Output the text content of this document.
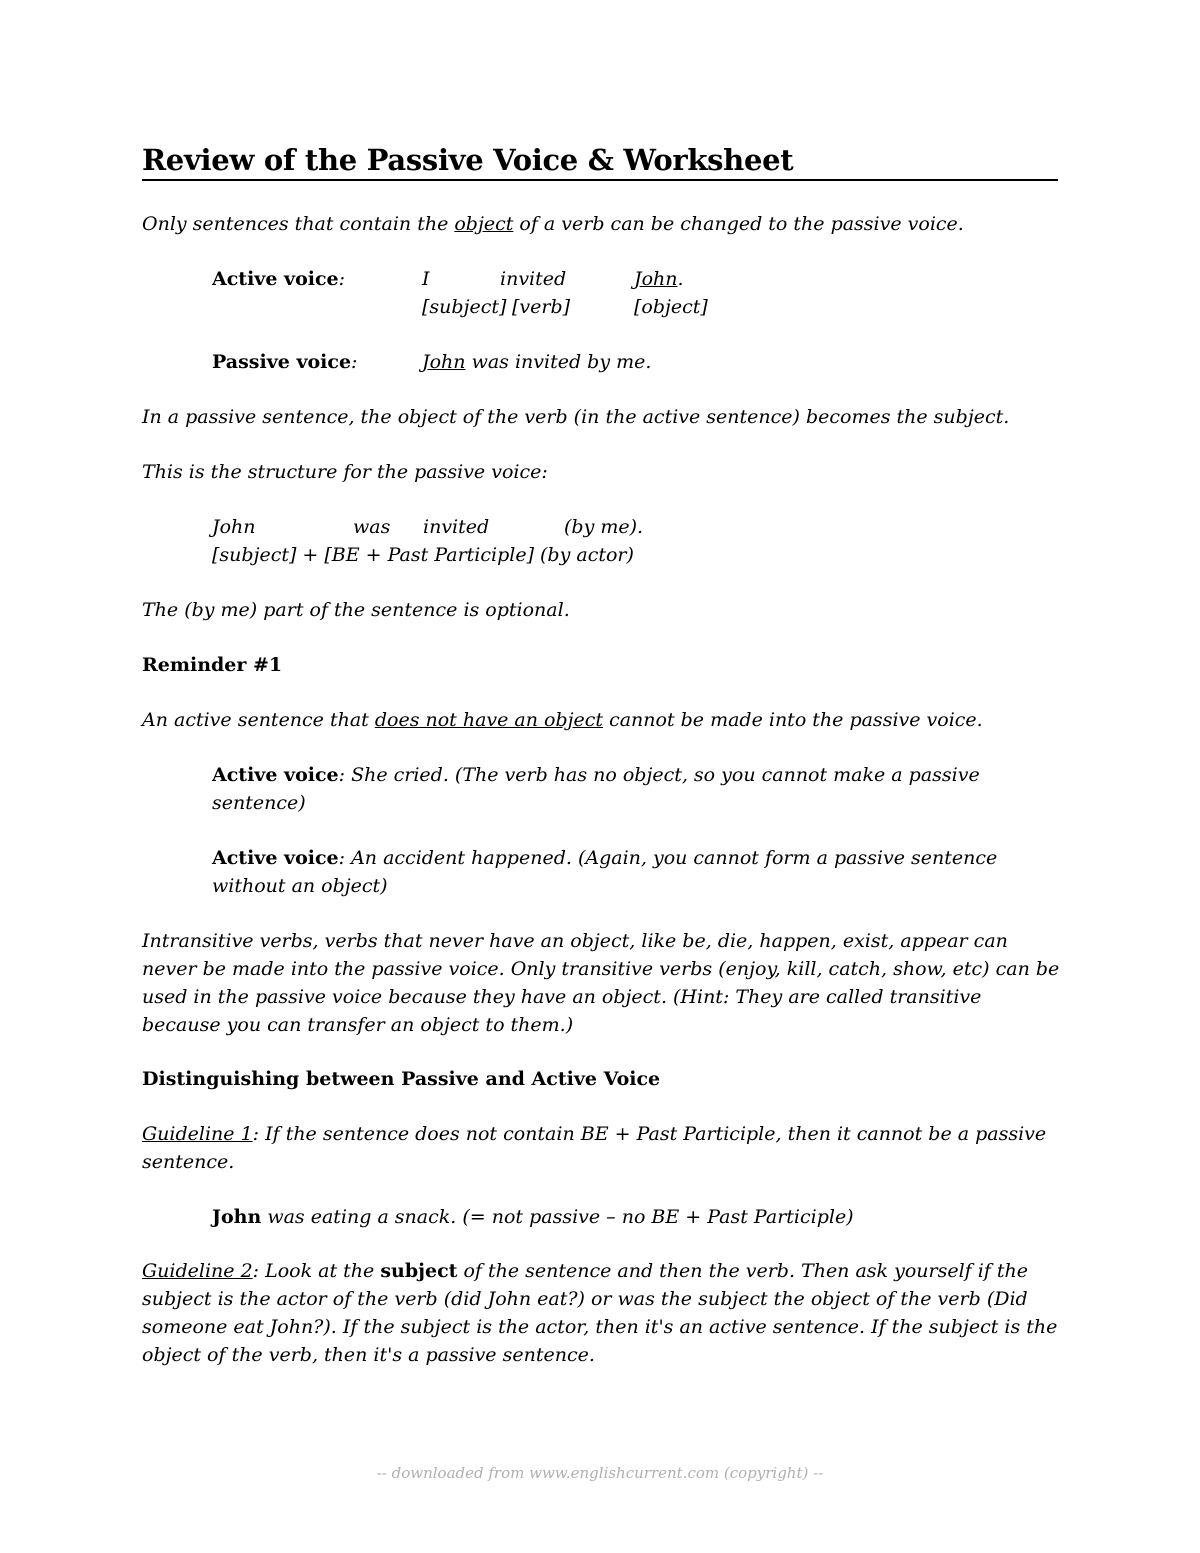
Review of the Passive Voice & Worksheet
Only sentences that contain the object of a verb can be changed to the passive voice.
Active voice:	I	invited	John.
[subject] [verb]	[object]
Passive voice:	John was invited by me.
In a passive sentence, the object of the verb (in the active sentence) becomes the subject.
This is the structure for the passive voice:
John	was invited	(by me).
[subject] + [BE + Past Participle] (by actor)
The (by me) part of the sentence is optional.
Reminder #1
An active sentence that does not have an object cannot be made into the passive voice.
Active voice: She cried. (The verb has no object, so you cannot make a passive sentence)
Active voice: An accident happened. (Again, you cannot form a passive sentence without an object)
Intransitive verbs, verbs that never have an object, like be, die, happen, exist, appear can never be made into the passive voice. Only transitive verbs (enjoy, kill, catch, show, etc) can be used in the passive voice because they have an object. (Hint: They are called transitive because you can transfer an object to them.)
Distinguishing between Passive and Active Voice
Guideline 1: If the sentence does not contain BE + Past Participle, then it cannot be a passive sentence.
John was eating a snack. (= not passive – no BE + Past Participle)
Guideline 2: Look at the subject of the sentence and then the verb. Then ask yourself if the subject is the actor of the verb (did John eat?) or was the subject the object of the verb (Did someone eat John?). If the subject is the actor, then it's an active sentence. If the subject is the object of the verb, then it's a passive sentence.
-- downloaded from www.englishcurrent.com (copyright) --
